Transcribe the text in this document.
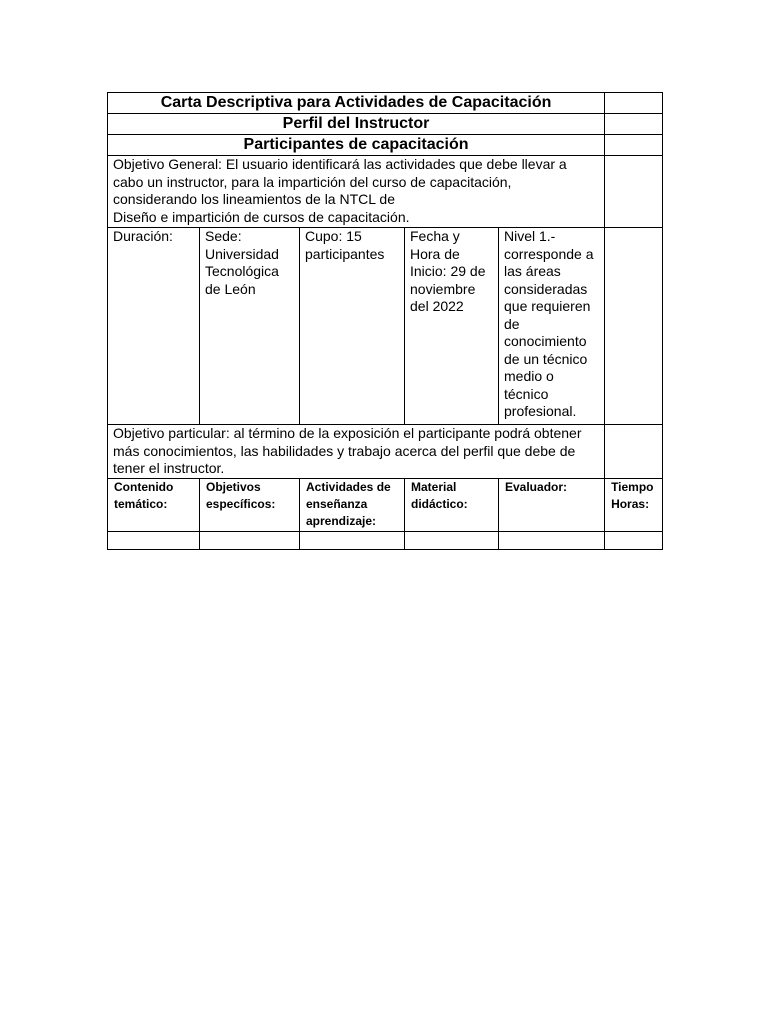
Carta Descriptiva para Actividades de Capacitación					
Perfil del Instructor					
Participantes de capacitación					
Objetivo General: El usuario identificará las actividades que debe llevar a cabo un instructor, para la impartición del curso de capacitación, considerando los lineamientos de la NTCL de
Diseño e impartición de cursos de capacitación.					
Duración:	Sede: Universidad Tecnológica de León	Cupo: 15 participantes	Fecha y Hora de Inicio: 29 de noviembre del 2022	Nivel 1.- corresponde a las áreas consideradas que requieren de conocimiento de un técnico medio o técnico profesional.	
Objetivo particular: al término de la exposición el participante podrá obtener más conocimientos, las habilidades y trabajo acerca del perfil que debe de tener el instructor.					
Contenido temático:	Objetivos específicos:	Actividades de enseñanza aprendizaje:	Material didáctico:	Evaluador:	Tiempo Horas:
